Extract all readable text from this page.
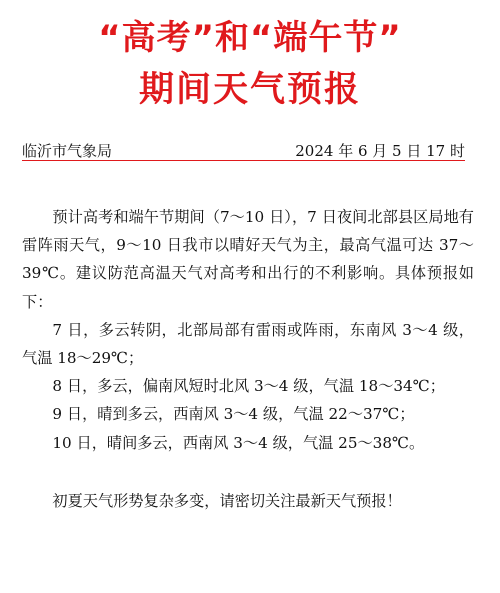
“高考”和“端午节”
期间天气预报
临沂市气象局	2024 年 6 月 5 日 17 时

预计高考和端午节期间（7～10 日），7 日夜间北部县区局地有雷阵雨天气，9～10 日我市以晴好天气为主，最高气温可达 37～39℃。建议防范高温天气对高考和出行的不利影响。具体预报如下：

7 日，多云转阴，北部局部有雷雨或阵雨，东南风 3～4 级，气温 18～29℃；

8 日，多云，偏南风短时北风 3～4 级，气温 18～34℃；

9 日，晴到多云，西南风 3～4 级，气温 22～37℃；

10 日，晴间多云，西南风 3～4 级，气温 25～38℃。

初夏天气形势复杂多变，请密切关注最新天气预报！
